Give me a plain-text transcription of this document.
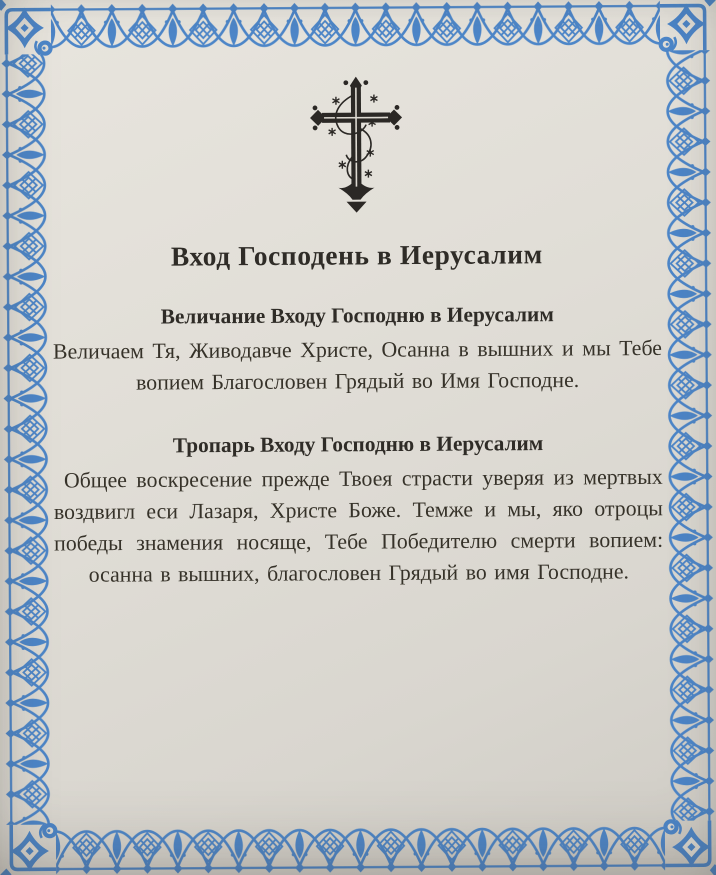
Вход Господень в Иерусалим
Величание Входу Господню в Иерусалим

Величаем Тя, Живодавче Христе, Осанна в вышних и мы Тебе вопием Благословен Грядый во Имя Господне.

Тропарь Входу Господню в Иерусалим

Общее воскресение прежде Твоея страсти уверяя из мертвых воздвигл еси Лазаря, Христе Боже. Темже и мы, яко отроцы победы знамения носяще, Тебе Победителю смерти вопием: осанна в вышних, благословен Грядый во имя Господне.
